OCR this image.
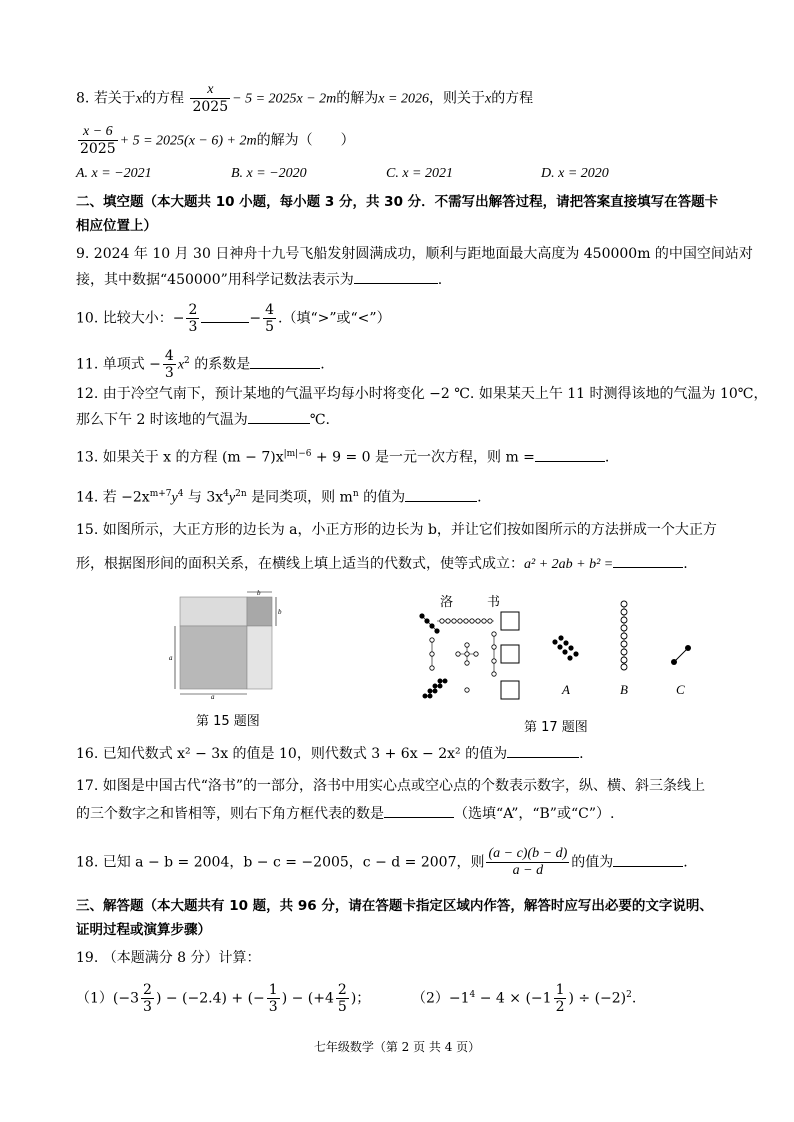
8. 若关于x的方程 $\frac{x}{2025} - 5 = 2025x - 2m$的解为x = 2026，则关于x的方程
$\frac{x - 6}{2025} + 5 = 2025(x - 6) + 2m$的解为（　　）
A. x = −2021	B. x = −2020	C. x = 2021	D. x = 2020
二、填空题（本大题共 10 小题，每小题 3 分，共 30 分．不需写出解答过程，请把答案直接填写在答题卡
相应位置上）
9. 2024 年 10 月 30 日神舟十九号飞船发射圆满成功，顺利与距地面最大高度为 450000m 的中国空间站对
接，其中数据“450000”用科学记数法表示为	.
10. 比较大小：− $\frac{2}{3}$	− $\frac{4}{5}$ .（填“>”或“<”）
11. 单项式 − $\frac{4}{3} x^2$ 的系数是	.
12. 由于冷空气南下，预计某地的气温平均每小时将变化 −2 ℃. 如果某天上午 11 时测得该地的气温为 10℃，
那么下午 2 时该地的气温为	℃.
13. 如果关于 x 的方程 $(m - 7)x^{|m|-6} + 9 = 0$ 是一元一次方程，则 m =	.
14. 若 $-2x^{m+7}y^4$ 与 $3x^4y^{2n}$ 是同类项，则 $m^n$ 的值为	.
15. 如图所示，大正方形的边长为 a，小正方形的边长为 b，并让它们按如图所示的方法拼成一个大正方
形，根据图形间的面积关系，在横线上填上适当的代数式，使等式成立：a² + 2ab + b² =	.
b
b
a
a
第 15 题图
洛	书
A	B	C
第 17 题图
16. 已知代数式 x² − 3x 的值是 10，则代数式 3 + 6x − 2x² 的值为	.
17. 如图是中国古代“洛书”的一部分，洛书中用实心点或空心点的个数表示数字，纵、横、斜三条线上
的三个数字之和皆相等，则右下角方框代表的数是	（选填“A”，“B”或“C”）.
18. 已知 a − b = 2004，b − c = −2005，c − d = 2007，则 $\frac{(a - c)(b - d)}{a - d}$ 的值为	.
三、解答题（本大题共有 10 题，共 96 分，请在答题卡指定区域内作答，解答时应写出必要的文字说明、
证明过程或演算步骤）
19. （本题满分 8 分）计算：
$(1)(-3 \frac{2}{3}$ ) − (−2.4) + (− $\frac{1}{3}$ ) − ($+4 \frac{2}{5}$ )；	$(2)-1^4 - 4 \times (-1 \frac{1}{2}$ ) ÷ $(-2)^2$.
七年级数学（第 2 页 共 4 页）
